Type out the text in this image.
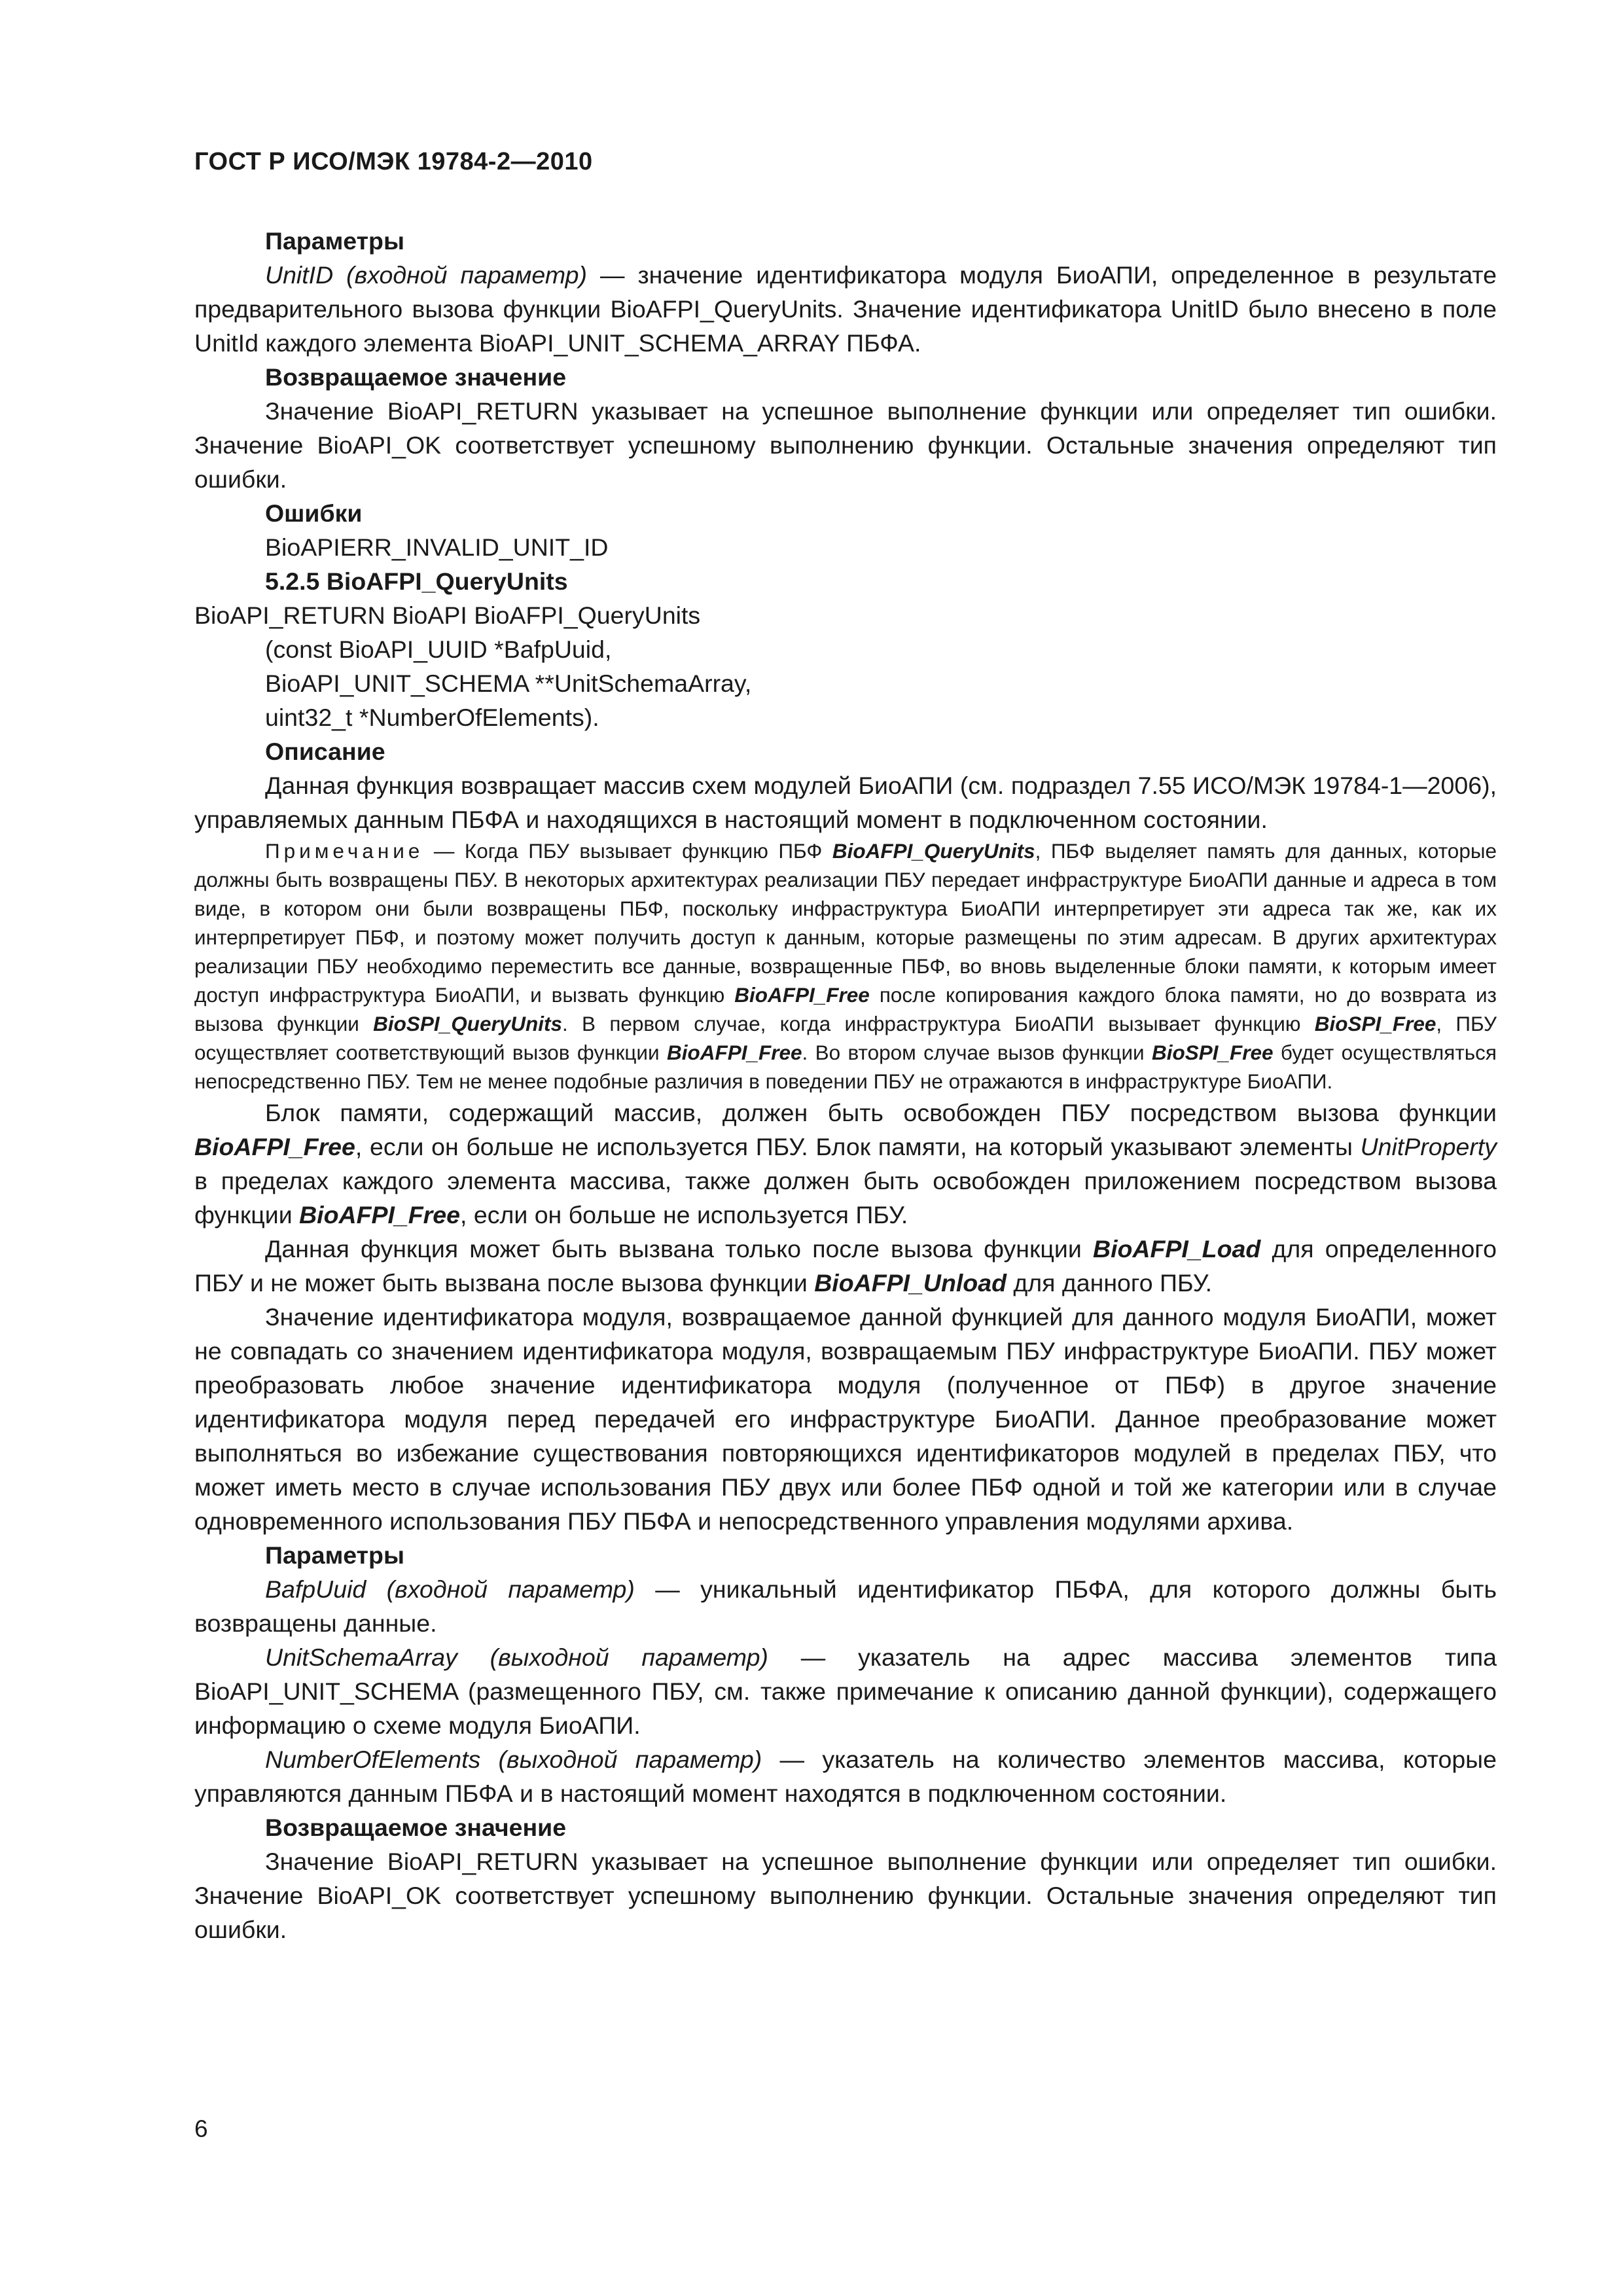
ГОСТ Р ИСО/МЭК 19784-2—2010

Параметры

UnitID (входной параметр) — значение идентификатора модуля БиоАПИ, определенное в результате предварительного вызова функции BioAFPI_QueryUnits. Значение идентификатора UnitID было внесено в поле UnitId каждого элемента BioAPI_UNIT_SCHEMA_ARRAY ПБФА.

Возвращаемое значение

Значение BioAPI_RETURN указывает на успешное выполнение функции или определяет тип ошибки. Значение BioAPI_OK соответствует успешному выполнению функции. Остальные значения определяют тип ошибки.

Ошибки

BioAPIERR_INVALID_UNIT_ID

5.2.5 BioAFPI_QueryUnits

BioAPI_RETURN BioAPI BioAFPI_QueryUnits

(const BioAPI_UUID *BafpUuid,

BioAPI_UNIT_SCHEMA **UnitSchemaArray,

uint32_t *NumberOfElements).

Описание

Данная функция возвращает массив схем модулей БиоАПИ (см. подраздел 7.55 ИСО/МЭК 19784-1—2006), управляемых данным ПБФА и находящихся в настоящий момент в подключенном состоянии.

Примечание — Когда ПБУ вызывает функцию ПБФ BioAFPI_QueryUnits, ПБФ выделяет память для данных, которые должны быть возвращены ПБУ. В некоторых архитектурах реализации ПБУ передает инфраструктуре БиоАПИ данные и адреса в том виде, в котором они были возвращены ПБФ, поскольку инфраструктура БиоАПИ интерпретирует эти адреса так же, как их интерпретирует ПБФ, и поэтому может получить доступ к данным, которые размещены по этим адресам. В других архитектурах реализации ПБУ необходимо переместить все данные, возвращенные ПБФ, во вновь выделенные блоки памяти, к которым имеет доступ инфраструктура БиоАПИ, и вызвать функцию BioAFPI_Free после копирования каждого блока памяти, но до возврата из вызова функции BioSPI_QueryUnits. В первом случае, когда инфраструктура БиоАПИ вызывает функцию BioSPI_Free, ПБУ осуществляет соответствующий вызов функции BioAFPI_Free. Во втором случае вызов функции BioSPI_Free будет осуществляться непосредственно ПБУ. Тем не менее подобные различия в поведении ПБУ не отражаются в инфраструктуре БиоАПИ.

Блок памяти, содержащий массив, должен быть освобожден ПБУ посредством вызова функции BioAFPI_Free, если он больше не используется ПБУ. Блок памяти, на который указывают элементы UnitProperty в пределах каждого элемента массива, также должен быть освобожден приложением посредством вызова функции BioAFPI_Free, если он больше не используется ПБУ.

Данная функция может быть вызвана только после вызова функции BioAFPI_Load для определенного ПБУ и не может быть вызвана после вызова функции BioAFPI_Unload для данного ПБУ.

Значение идентификатора модуля, возвращаемое данной функцией для данного модуля БиоАПИ, может не совпадать со значением идентификатора модуля, возвращаемым ПБУ инфраструктуре БиоАПИ. ПБУ может преобразовать любое значение идентификатора модуля (полученное от ПБФ) в другое значение идентификатора модуля перед передачей его инфраструктуре БиоАПИ. Данное преобразование может выполняться во избежание существования повторяющихся идентификаторов модулей в пределах ПБУ, что может иметь место в случае использования ПБУ двух или более ПБФ одной и той же категории или в случае одновременного использования ПБУ ПБФА и непосредственного управления модулями архива.

Параметры

BafpUuid (входной параметр) — уникальный идентификатор ПБФА, для которого должны быть возвращены данные.

UnitSchemaArray (выходной параметр) — указатель на адрес массива элементов типа BioAPI_UNIT_SCHEMA (размещенного ПБУ, см. также примечание к описанию данной функции), содержащего информацию о схеме модуля БиоАПИ.

NumberOfElements (выходной параметр) — указатель на количество элементов массива, которые управляются данным ПБФА и в настоящий момент находятся в подключенном состоянии.

Возвращаемое значение

Значение BioAPI_RETURN указывает на успешное выполнение функции или определяет тип ошибки. Значение BioAPI_OK соответствует успешному выполнению функции. Остальные значения определяют тип ошибки.

6
